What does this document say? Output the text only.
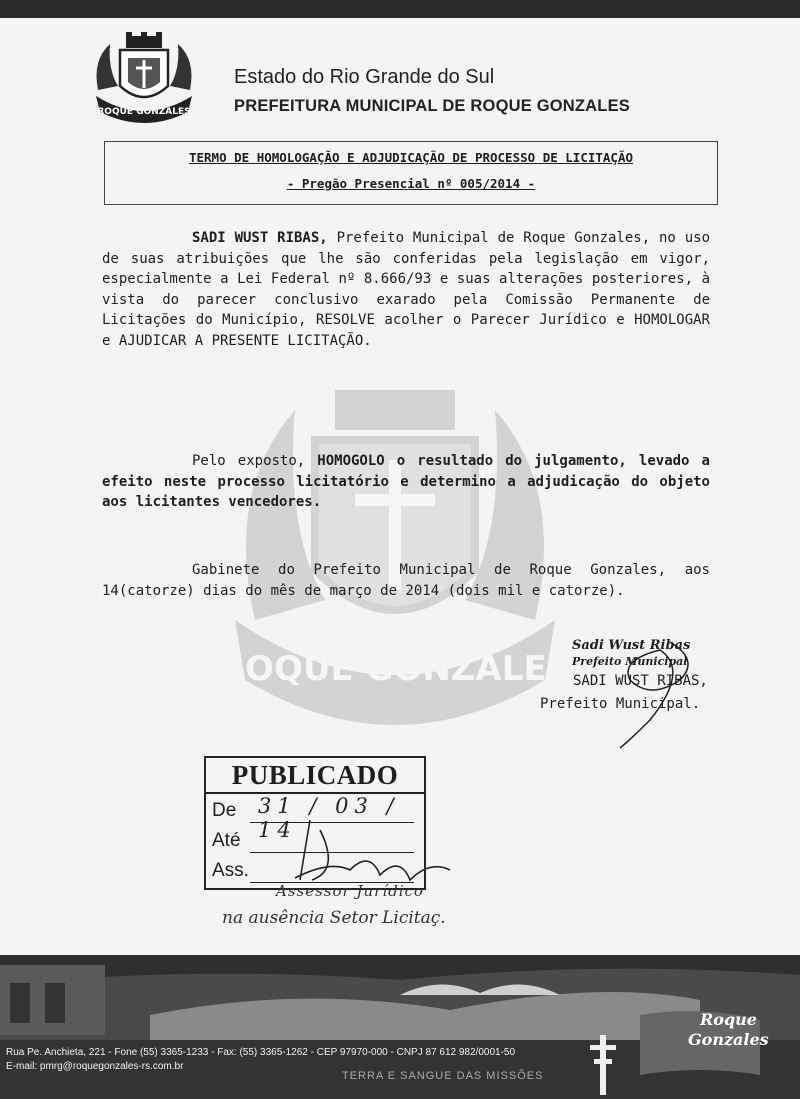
ROQUE GONZALES
Estado do Rio Grande do Sul
PREFEITURA MUNICIPAL DE ROQUE GONZALES
TERMO DE HOMOLOGAÇÃO E ADJUDICAÇÃO DE PROCESSO DE LICITAÇÃO
- Pregão Presencial nº 005/2014 -
ROQUE GONZALES

SADI WUST RIBAS, Prefeito Municipal de Roque Gonzales, no uso de suas atribuições que lhe são conferidas pela legislação em vigor, especialmente a Lei Federal nº 8.666/93 e suas alterações posteriores, à vista do parecer conclusivo exarado pela Comissão Permanente de Licitações do Município, RESOLVE acolher o Parecer Jurídico e HOMOLOGAR e AJUDICAR A PRESENTE LICITAÇÃO.

Pelo exposto, HOMOGOLO o resultado do julgamento, levado a efeito neste processo licitatório e determino a adjudicação do objeto aos licitantes vencedores.

Gabinete do Prefeito Municipal de Roque Gonzales, aos 14(catorze) dias do mês de março de 2014 (dois mil e catorze).

Sadi Wust Ribas
Prefeito Municipal
SADI WUST RIBAS,
Prefeito Municipal.
PUBLICADO
De 31 / 03 / 14
Até
Ass.
Assessor Jurídico
na ausência Setor Licitaç.
Roque
Gonzales
Rua Pe. Anchieta, 221 - Fone (55) 3365-1233 - Fax: (55) 3365-1262 - CEP 97970-000 - CNPJ 87 612 982/0001-50
E-mail: pmrg@roquegonzales-rs.com.br
TERRA E SANGUE DAS MISSÕES
